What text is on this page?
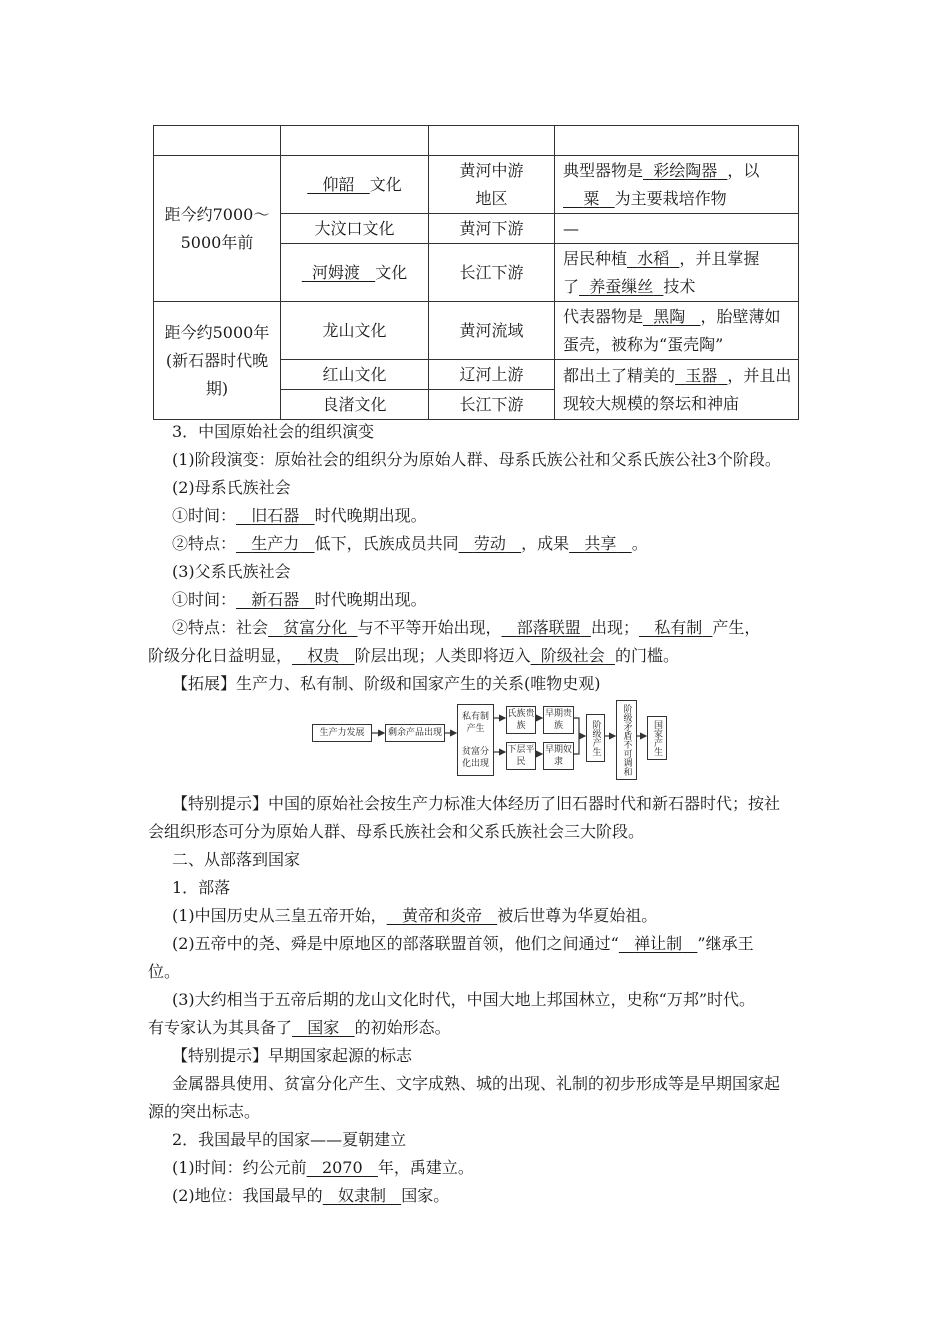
距今约7000～5000年前	仰韶 文化	黄河中游地区	典型器物是 彩绘陶器 ，以
粟 为主要栽培作物
	大汶口文化	黄河下游	—
	河姆渡 文化	长江下游	居民种植 水稻 ，并且掌握了 养蚕缫丝 技术
距今约5000年(新石器时代晚期)	龙山文化	黄河流域	代表器物是 黑陶 ，胎壁薄如蛋壳，被称为“蛋壳陶”
	红山文化	辽河上游	都出土了精美的 玉器 ，并且出现较大规模的祭坛和神庙
	良渚文化	长江下游	
3．中国原始社会的组织演变
(1)阶段演变：原始社会的组织分为原始人群、母系氏族公社和父系氏族公社3个阶段。
(2)母系氏族社会
①时间： 旧石器 时代晚期出现。
②特点： 生产力 低下，氏族成员共同 劳动 ，成果 共享 。
(3)父系氏族社会
①时间： 新石器 时代晚期出现。
②特点：社会 贫富分化 与不平等开始出现， 部落联盟 出现； 私有制 产生，
阶级分化日益明显， 权贵 阶层出现；人类即将迈入 阶级社会 的门槛。
【拓展】生产力、私有制、阶级和国家产生的关系(唯物史观)
生产力发展	剩余产品出现
私有制产生
贫富分化出现
氏族贵族
下层平民
早期贵族
早期奴隶
阶级产生	阶级矛盾不可调和	国家产生
【特别提示】中国的原始社会按生产力标准大体经历了旧石器时代和新石器时代；按社
会组织形态可分为原始人群、母系氏族社会和父系氏族社会三大阶段。
二、从部落到国家
1．部落
(1)中国历史从三皇五帝开始， 黄帝和炎帝 被后世尊为华夏始祖。
(2)五帝中的尧、舜是中原地区的部落联盟首领，他们之间通过“ 禅让制 ”继承王
位。
(3)大约相当于五帝后期的龙山文化时代，中国大地上邦国林立，史称“万邦”时代。
有专家认为其具备了 国家 的初始形态。
【特别提示】早期国家起源的标志
金属器具使用、贫富分化产生、文字成熟、城的出现、礼制的初步形成等是早期国家起
源的突出标志。
2．我国最早的国家——夏朝建立
(1)时间：约公元前 2070 年，禹建立。
(2)地位：我国最早的 奴隶制 国家。
